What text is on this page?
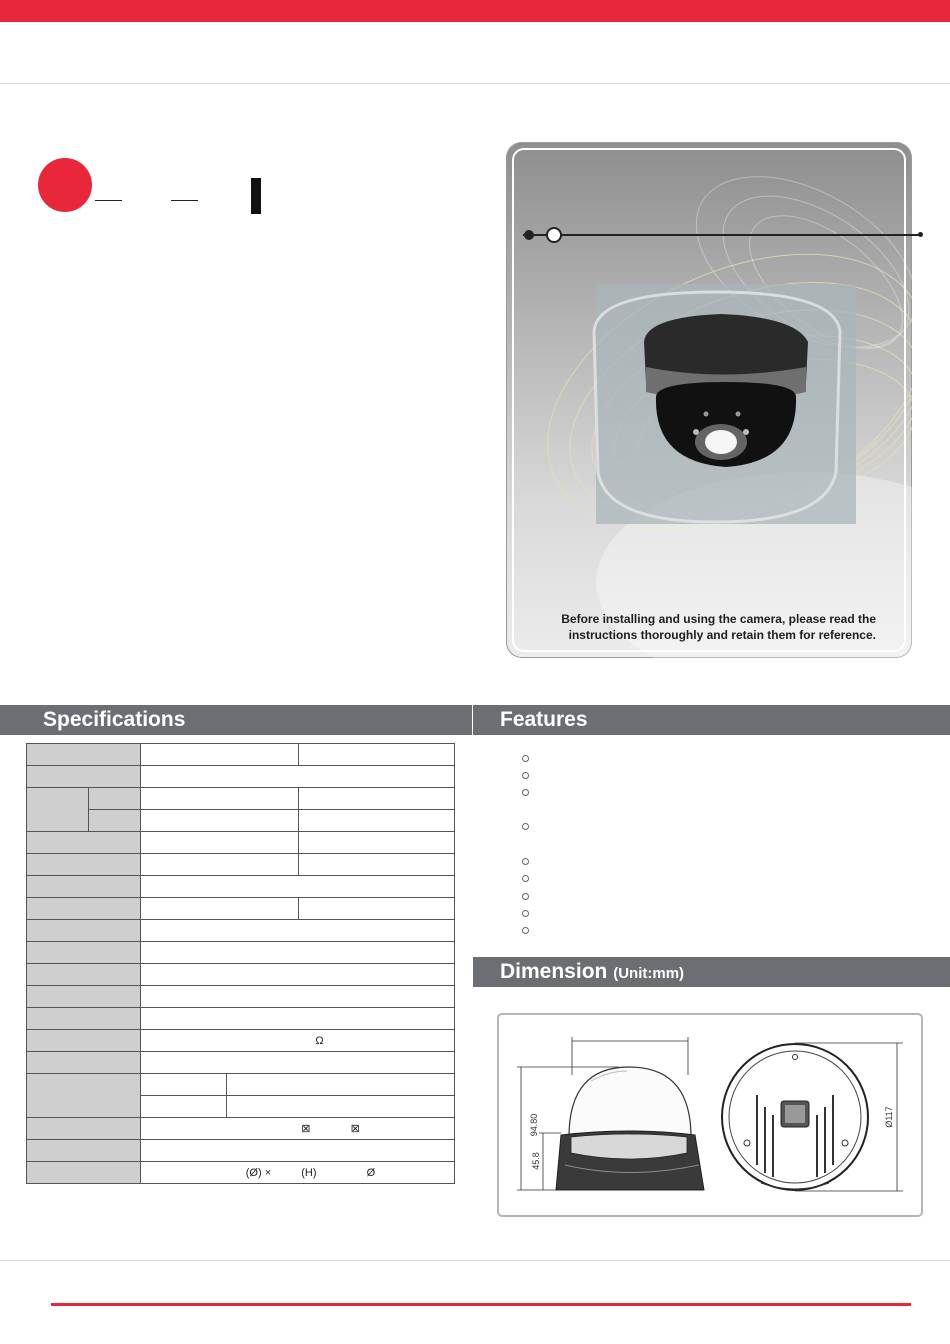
Before installing and using the camera, please read the
instructions thoroughly and retain them for reference.
Specifications	Features
Dimension (Unit:mm)

		Ω		

		⊠ ⊠		

		(Ø) × (H) Ø		
94.80
45.8
Ø117
